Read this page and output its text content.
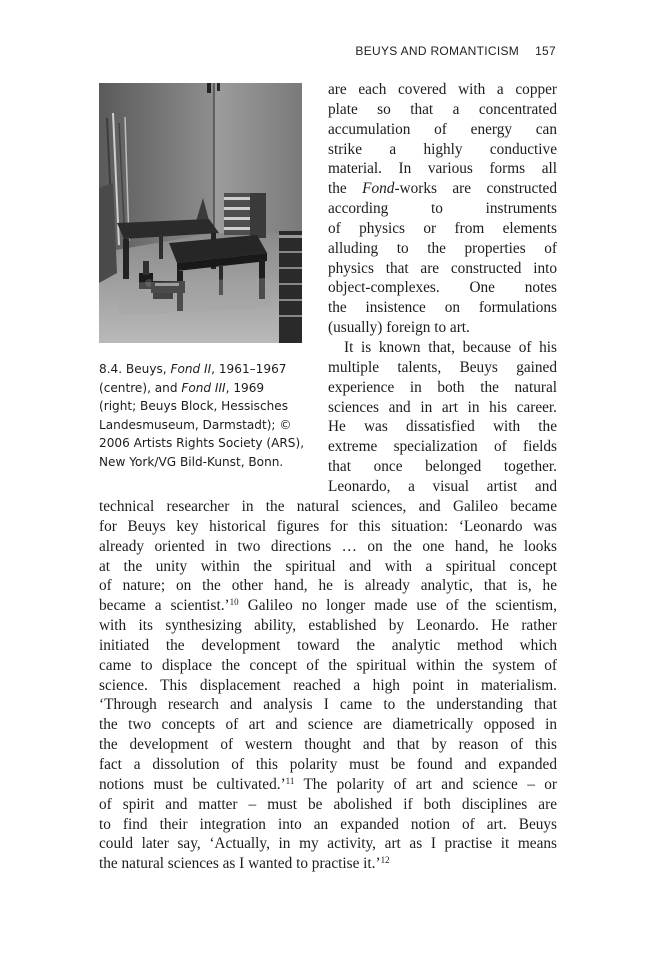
BEUYS AND ROMANTICISM 157
8.4. Beuys, Fond II, 1961–1967
(centre), and Fond III, 1969
(right; Beuys Block, Hessisches
Landesmuseum, Darmstadt); ©
2006 Artists Rights Society (ARS),
New York/VG Bild-Kunst, Bonn.
are each covered with a copper
plate so that a concentrated
accumulation of energy can
strike a highly conductive
material. In various forms all
the Fond-works are constructed
according to instruments
of physics or from elements
alluding to the properties of
physics that are constructed into
object-complexes. One notes
the insistence on formulations
(usually) foreign to art.
It is known that, because of his
multiple talents, Beuys gained
experience in both the natural
sciences and in art in his career.
He was dissatisfied with the
extreme specialization of fields
that once belonged together.
Leonardo, a visual artist and
technical researcher in the natural sciences, and Galileo became
for Beuys key historical figures for this situation: ‘Leonardo was
already oriented in two directions … on the one hand, he looks
at the unity within the spiritual and with a spiritual concept
of nature; on the other hand, he is already analytic, that is, he
became a scientist.’$^{10}$ Galileo no longer made use of the scientism,
with its synthesizing ability, established by Leonardo. He rather
initiated the development toward the analytic method which
came to displace the concept of the spiritual within the system of
science. This displacement reached a high point in materialism.
‘Through research and analysis I came to the understanding that
the two concepts of art and science are diametrically opposed in
the development of western thought and that by reason of this
fact a dissolution of this polarity must be found and expanded
notions must be cultivated.’$^{11}$ The polarity of art and science – or
of spirit and matter – must be abolished if both disciplines are
to find their integration into an expanded notion of art. Beuys
could later say, ‘Actually, in my activity, art as I practise it means
the natural sciences as I wanted to practise it.’$^{12}$
